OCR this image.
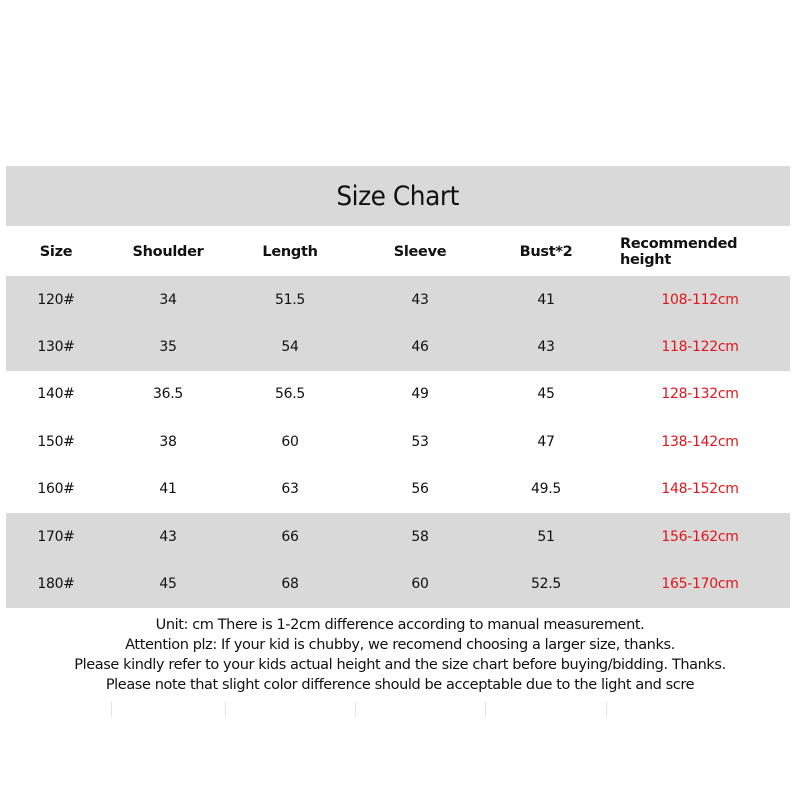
Size Chart
Size	Shoulder	Length	Sleeve	Bust*2	Recommended height
120#	34	51.5	43	41	108-112cm
130#	35	54	46	43	118-122cm
140#	36.5	56.5	49	45	128-132cm
150#	38	60	53	47	138-142cm
160#	41	63	56	49.5	148-152cm
170#	43	66	58	51	156-162cm
180#	45	68	60	52.5	165-170cm
Unit: cm There is 1-2cm difference according to manual measurement.
Attention plz: If your kid is chubby, we recomend choosing a larger size, thanks.
Please kindly refer to your kids actual height and the size chart before buying/bidding. Thanks.
Please note that slight color difference should be acceptable due to the light and scre
